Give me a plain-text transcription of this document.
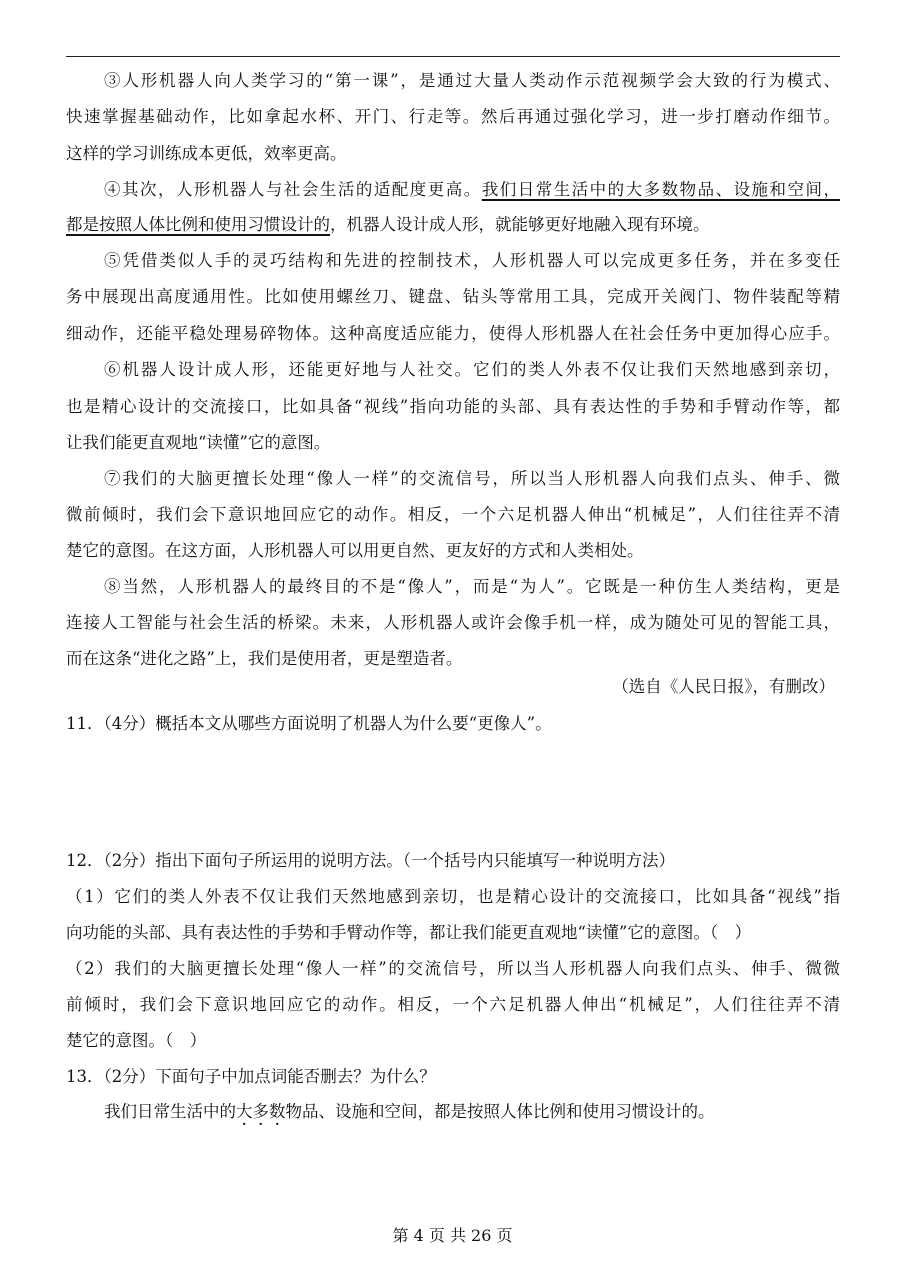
③人形机器人向人类学习的“第一课”，是通过大量人类动作示范视频学会大致的行为模式、
快速掌握基础动作，比如拿起水杯、开门、行走等。然后再通过强化学习，进一步打磨动作细节。
这样的学习训练成本更低，效率更高。
④其次，人形机器人与社会生活的适配度更高。我们日常生活中的大多数物品、设施和空间，
都是按照人体比例和使用习惯设计的，机器人设计成人形，就能够更好地融入现有环境。
⑤凭借类似人手的灵巧结构和先进的控制技术，人形机器人可以完成更多任务，并在多变任
务中展现出高度通用性。比如使用螺丝刀、键盘、钻头等常用工具，完成开关阀门、物件装配等精
细动作，还能平稳处理易碎物体。这种高度适应能力，使得人形机器人在社会任务中更加得心应手。
⑥机器人设计成人形，还能更好地与人社交。它们的类人外表不仅让我们天然地感到亲切，
也是精心设计的交流接口，比如具备“视线”指向功能的头部、具有表达性的手势和手臂动作等，都
让我们能更直观地“读懂”它的意图。
⑦我们的大脑更擅长处理“像人一样”的交流信号，所以当人形机器人向我们点头、伸手、微
微前倾时，我们会下意识地回应它的动作。相反，一个六足机器人伸出“机械足”，人们往往弄不清
楚它的意图。在这方面，人形机器人可以用更自然、更友好的方式和人类相处。
⑧当然，人形机器人的最终目的不是“像人”，而是“为人”。它既是一种仿生人类结构，更是
连接人工智能与社会生活的桥梁。未来，人形机器人或许会像手机一样，成为随处可见的智能工具，
而在这条“进化之路”上，我们是使用者，更是塑造者。
（选自《人民日报》，有删改）
11．（4分）概括本文从哪些方面说明了机器人为什么要“更像人”。
12．（2分）指出下面句子所运用的说明方法。（一个括号内只能填写一种说明方法）
（1）它们的类人外表不仅让我们天然地感到亲切，也是精心设计的交流接口，比如具备“视线”指
向功能的头部、具有表达性的手势和手臂动作等，都让我们能更直观地“读懂”它的意图。（　）
（2）我们的大脑更擅长处理“像人一样”的交流信号，所以当人形机器人向我们点头、伸手、微微
前倾时，我们会下意识地回应它的动作。相反，一个六足机器人伸出“机械足”，人们往往弄不清
楚它的意图。（　）
13．（2分）下面句子中加点词能否删去？为什么？
我们日常生活中的大多数物品、设施和空间，都是按照人体比例和使用习惯设计的。
第 4 页 共 26 页
